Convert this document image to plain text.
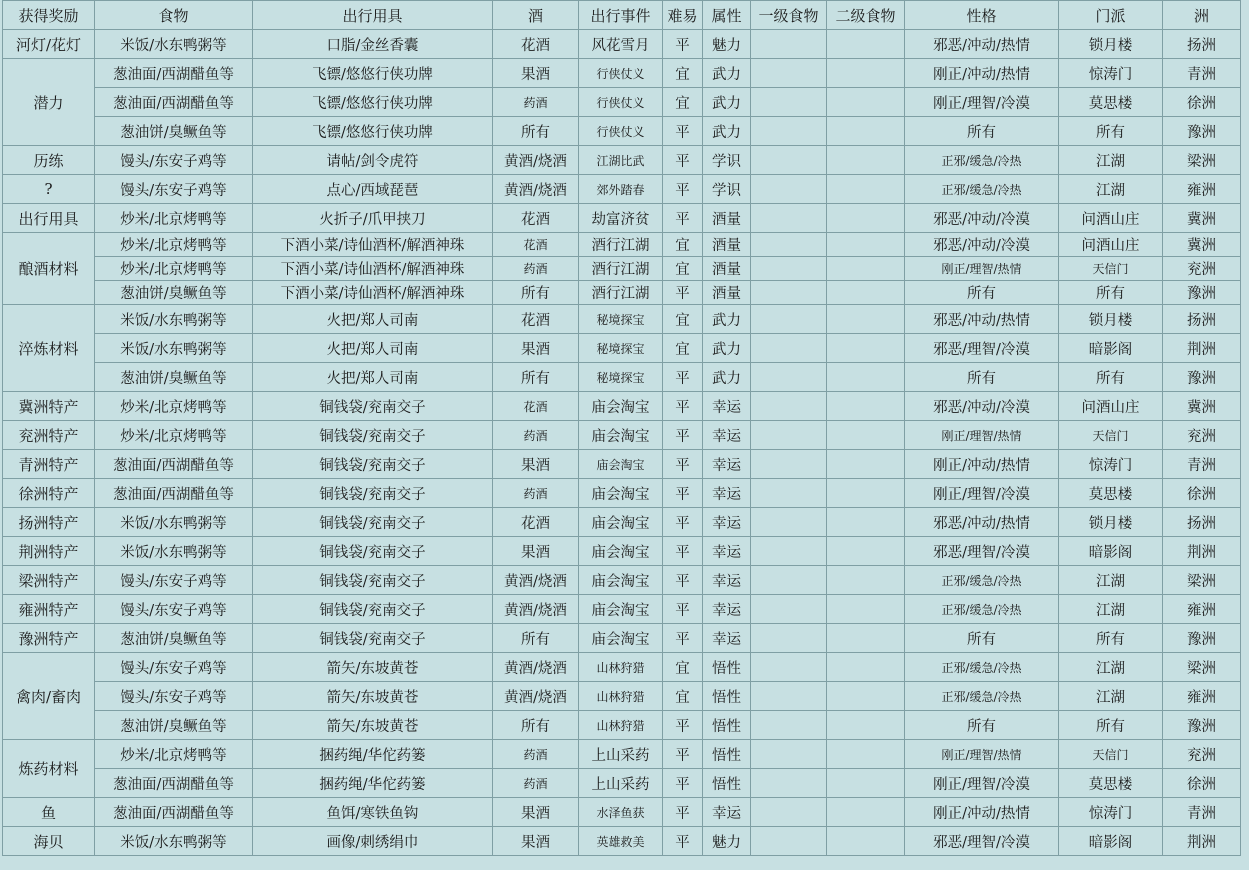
获得奖励	食物	出行用具	酒	出行事件	难易	属性	一级食物	二级食物	性格	门派	洲
河灯/花灯	米饭/水东鸭粥等	口脂/金丝香囊	花酒	风花雪月	平	魅力			邪恶/冲动/热情	锁月楼	扬洲
潜力	葱油面/西湖醋鱼等	飞镖/悠悠行侠功牌	果酒	行侠仗义	宜	武力			刚正/冲动/热情	惊涛门	青洲
	葱油面/西湖醋鱼等	飞镖/悠悠行侠功牌	药酒	行侠仗义	宜	武力			刚正/理智/冷漠	莫思楼	徐洲
	葱油饼/臭鳜鱼等	飞镖/悠悠行侠功牌	所有	行侠仗义	平	武力			所有	所有	豫洲
历练	馒头/东安子鸡等	请帖/剑令虎符	黄酒/烧酒	江湖比武	平	学识			正邪/缓急/冷热	江湖	梁洲
?	馒头/东安子鸡等	点心/西域琵琶	黄酒/烧酒	郊外踏春	平	学识			正邪/缓急/冷热	江湖	雍洲
出行用具	炒米/北京烤鸭等	火折子/爪甲挟刀	花酒	劫富济贫	平	酒量			邪恶/冲动/冷漠	问酒山庄	冀洲
酿酒材料	炒米/北京烤鸭等	下酒小菜/诗仙酒杯/解酒神珠	花酒	酒行江湖	宜	酒量			邪恶/冲动/冷漠	问酒山庄	冀洲
	炒米/北京烤鸭等	下酒小菜/诗仙酒杯/解酒神珠	药酒	酒行江湖	宜	酒量			刚正/理智/热情	天信门	兖洲
	葱油饼/臭鳜鱼等	下酒小菜/诗仙酒杯/解酒神珠	所有	酒行江湖	平	酒量			所有	所有	豫洲
淬炼材料	米饭/水东鸭粥等	火把/郑人司南	花酒	秘境探宝	宜	武力			邪恶/冲动/热情	锁月楼	扬洲
	米饭/水东鸭粥等	火把/郑人司南	果酒	秘境探宝	宜	武力			邪恶/理智/冷漠	暗影阁	荆洲
	葱油饼/臭鳜鱼等	火把/郑人司南	所有	秘境探宝	平	武力			所有	所有	豫洲
冀洲特产	炒米/北京烤鸭等	铜钱袋/兖南交子	花酒	庙会淘宝	平	幸运			邪恶/冲动/冷漠	问酒山庄	冀洲
兖洲特产	炒米/北京烤鸭等	铜钱袋/兖南交子	药酒	庙会淘宝	平	幸运			刚正/理智/热情	天信门	兖洲
青洲特产	葱油面/西湖醋鱼等	铜钱袋/兖南交子	果酒	庙会淘宝	平	幸运			刚正/冲动/热情	惊涛门	青洲
徐洲特产	葱油面/西湖醋鱼等	铜钱袋/兖南交子	药酒	庙会淘宝	平	幸运			刚正/理智/冷漠	莫思楼	徐洲
扬洲特产	米饭/水东鸭粥等	铜钱袋/兖南交子	花酒	庙会淘宝	平	幸运			邪恶/冲动/热情	锁月楼	扬洲
荆洲特产	米饭/水东鸭粥等	铜钱袋/兖南交子	果酒	庙会淘宝	平	幸运			邪恶/理智/冷漠	暗影阁	荆洲
梁洲特产	馒头/东安子鸡等	铜钱袋/兖南交子	黄酒/烧酒	庙会淘宝	平	幸运			正邪/缓急/冷热	江湖	梁洲
雍洲特产	馒头/东安子鸡等	铜钱袋/兖南交子	黄酒/烧酒	庙会淘宝	平	幸运			正邪/缓急/冷热	江湖	雍洲
豫洲特产	葱油饼/臭鳜鱼等	铜钱袋/兖南交子	所有	庙会淘宝	平	幸运			所有	所有	豫洲
禽肉/畜肉	馒头/东安子鸡等	箭矢/东坡黄苍	黄酒/烧酒	山林狩猎	宜	悟性			正邪/缓急/冷热	江湖	梁洲
	馒头/东安子鸡等	箭矢/东坡黄苍	黄酒/烧酒	山林狩猎	宜	悟性			正邪/缓急/冷热	江湖	雍洲
	葱油饼/臭鳜鱼等	箭矢/东坡黄苍	所有	山林狩猎	平	悟性			所有	所有	豫洲
炼药材料	炒米/北京烤鸭等	捆药绳/华佗药篓	药酒	上山采药	平	悟性			刚正/理智/热情	天信门	兖洲
	葱油面/西湖醋鱼等	捆药绳/华佗药篓	药酒	上山采药	平	悟性			刚正/理智/冷漠	莫思楼	徐洲
鱼	葱油面/西湖醋鱼等	鱼饵/寒铁鱼钩	果酒	水泽鱼获	平	幸运			刚正/冲动/热情	惊涛门	青洲
海贝	米饭/水东鸭粥等	画像/刺绣绢巾	果酒	英雄救美	平	魅力			邪恶/理智/冷漠	暗影阁	荆洲
